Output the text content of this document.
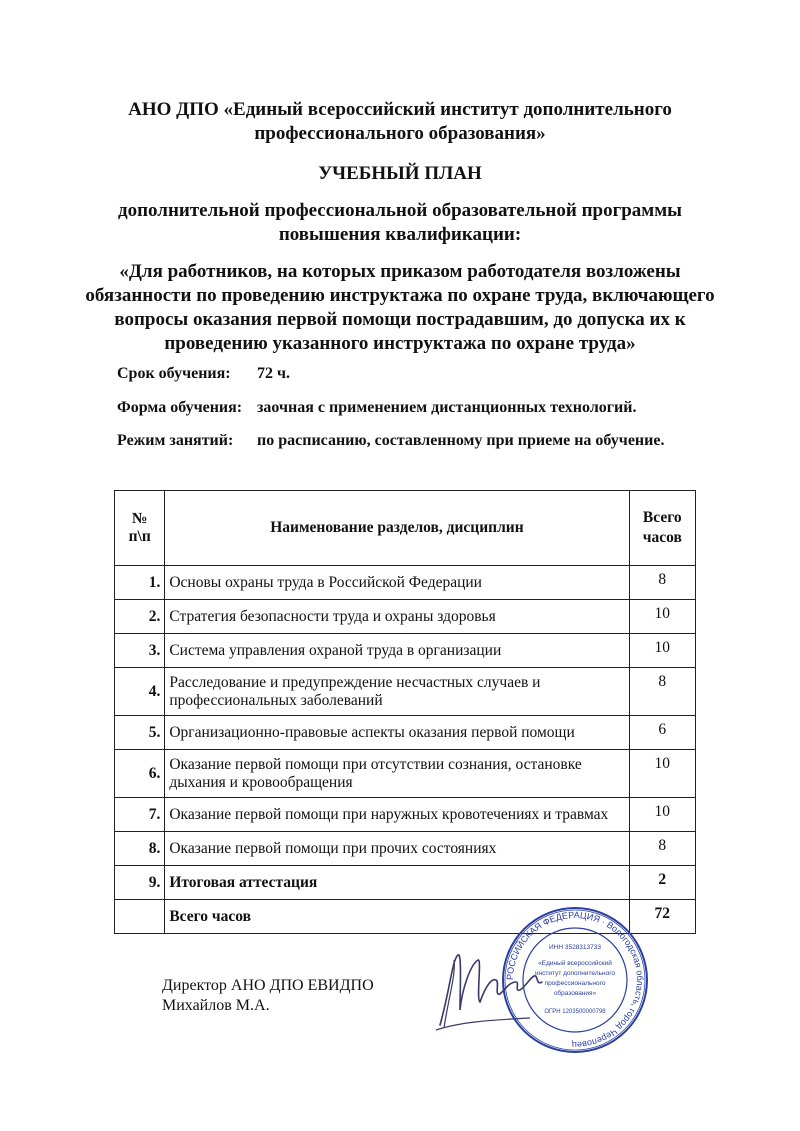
АНО ДПО «Единый всероссийский институт дополнительного
профессионального образования»
УЧЕБНЫЙ ПЛАН
дополнительной профессиональной образовательной программы
повышения квалификации:
«Для работников, на которых приказом работодателя возложены
обязанности по проведению инструктажа по охране труда, включающего
вопросы оказания первой помощи пострадавшим, до допуска их к
проведению указанного инструктажа по охране труда»
Срок обучения: 72 ч.
Форма обучения: заочная с применением дистанционных технологий.
Режим занятий: по расписанию, составленному при приеме на обучение.
№ п\п	Наименование разделов, дисциплин	Всего
часов

1.	Основы охраны труда в Российской Федерации	8
2.	Стратегия безопасности труда и охраны здоровья	10
3.	Система управления охраной труда в организации	10
4.	Расследование и предупреждение несчастных случаев и профессиональных заболеваний	8
5.	Организационно-правовые аспекты оказания первой помощи	6
6.	Оказание первой помощи при отсутствии сознания, остановке дыхания и кровообращения	10
7.	Оказание первой помощи при наружных кровотечениях и травмах	10
8.	Оказание первой помощи при прочих состояниях	8
9.	Итоговая аттестация	2
	Всего часов	72
Директор АНО ДПО ЕВИДПО
Михайлов М.А.
РОССИЙСКАЯ ФЕДЕРАЦИЯ · Вологодская область, город Череповец
ИНН 3528313733
«Единый всероссийский
институт дополнительного
профессионального
образования»
ОГРН 1203500000798
